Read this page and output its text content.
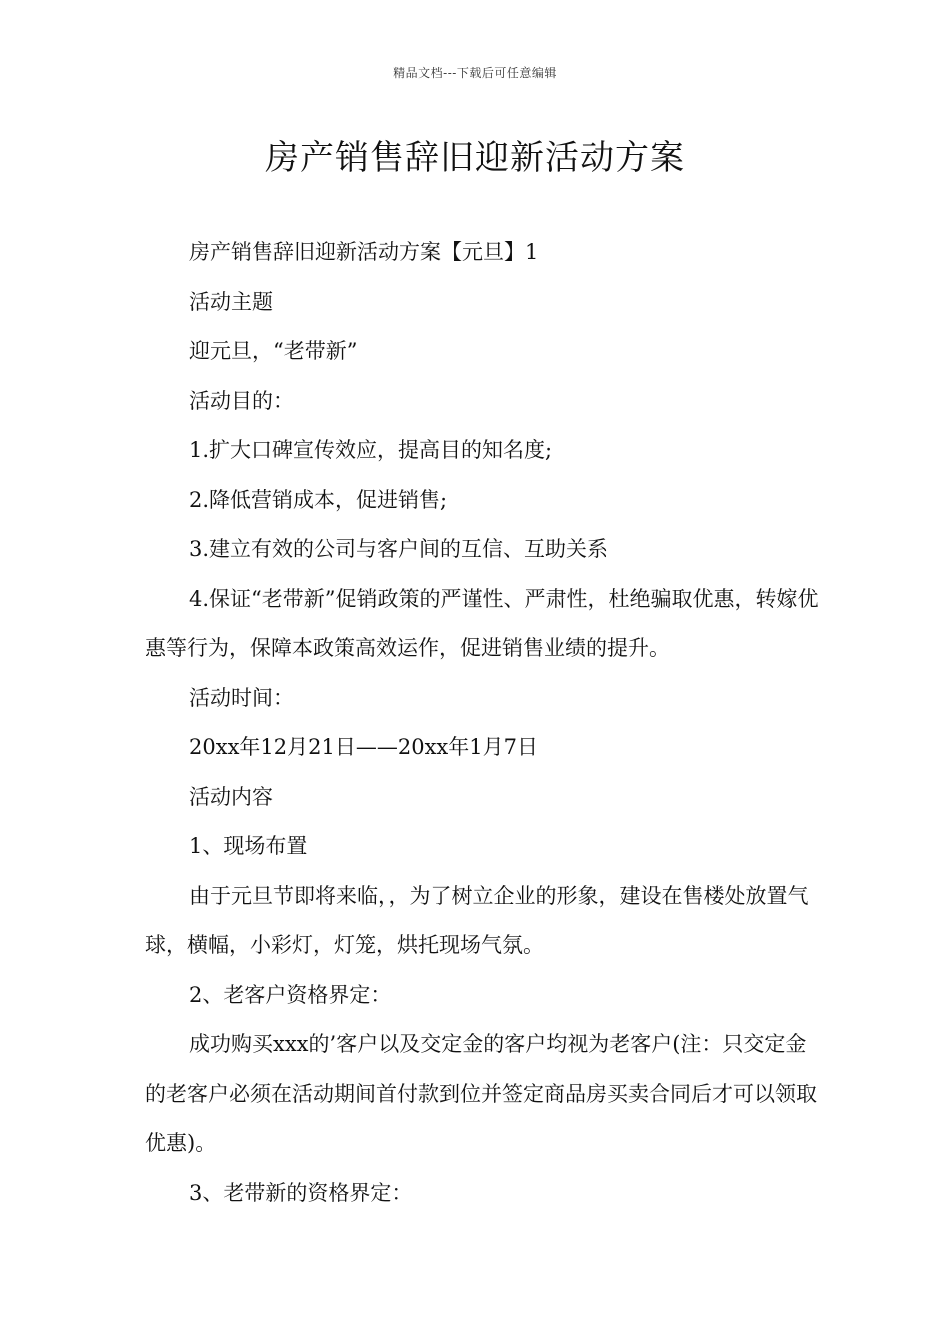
精品文档---下载后可任意编辑
房产销售辞旧迎新活动方案

房产销售辞旧迎新活动方案【元旦】1

活动主题

迎元旦，“老带新”

活动目的：

1.扩大口碑宣传效应，提高目的知名度;

2.降低营销成本，促进销售;

3.建立有效的公司与客户间的互信、互助关系

4.保证“老带新”促销政策的严谨性、严肃性，杜绝骗取优惠，转嫁优惠等行为，保障本政策高效运作，促进销售业绩的提升。

活动时间：

20xx年12月21日——20xx年1月7日

活动内容

1、现场布置

由于元旦节即将来临，，为了树立企业的形象，建设在售楼处放置气球，横幅，小彩灯，灯笼，烘托现场气氛。

2、老客户资格界定：

成功购买xxx的’客户以及交定金的客户均视为老客户(注：只交定金的老客户必须在活动期间首付款到位并签定商品房买卖合同后才可以领取优惠)。

3、老带新的资格界定：
